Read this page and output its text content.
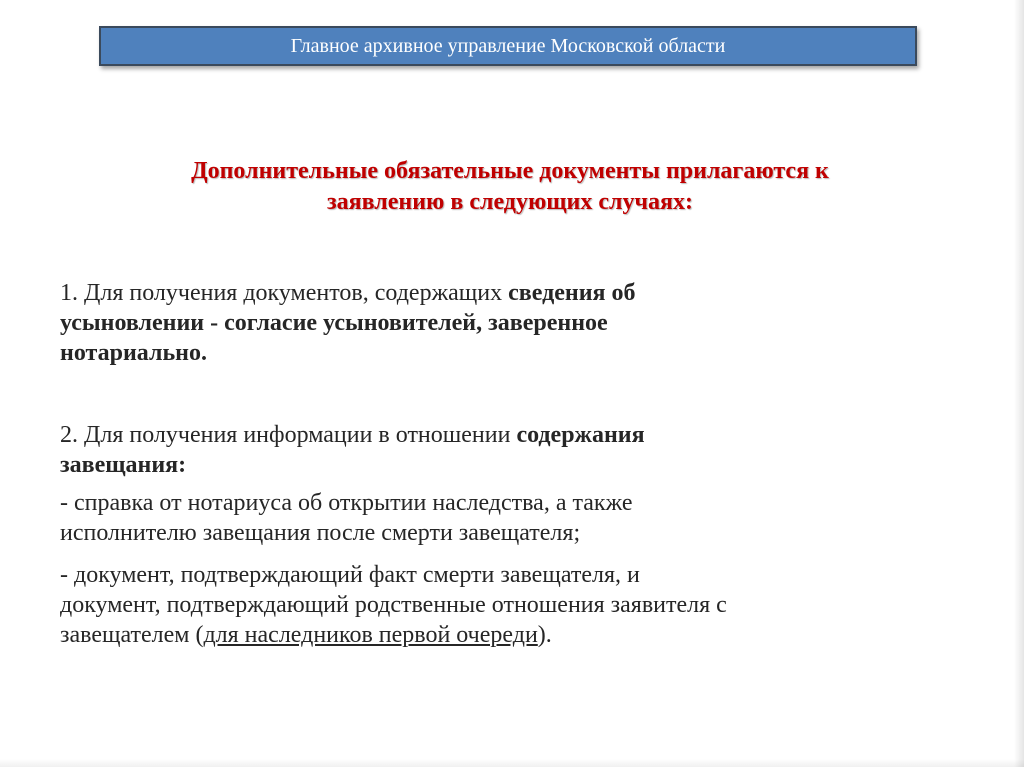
Главное архивное управление Московской области
Дополнительные обязательные документы прилагаются к
заявлению в следующих случаях:

1. Для получения документов, содержащих сведения об
усыновлении - согласие усыновителей, заверенное
нотариально.

2. Для получения информации в отношении содержания
завещания:

- справка от нотариуса об открытии наследства, а также
исполнителю завещания после смерти завещателя;

- документ, подтверждающий факт смерти завещателя, и
документ, подтверждающий родственные отношения заявителя с
завещателем (для наследников первой очереди).
